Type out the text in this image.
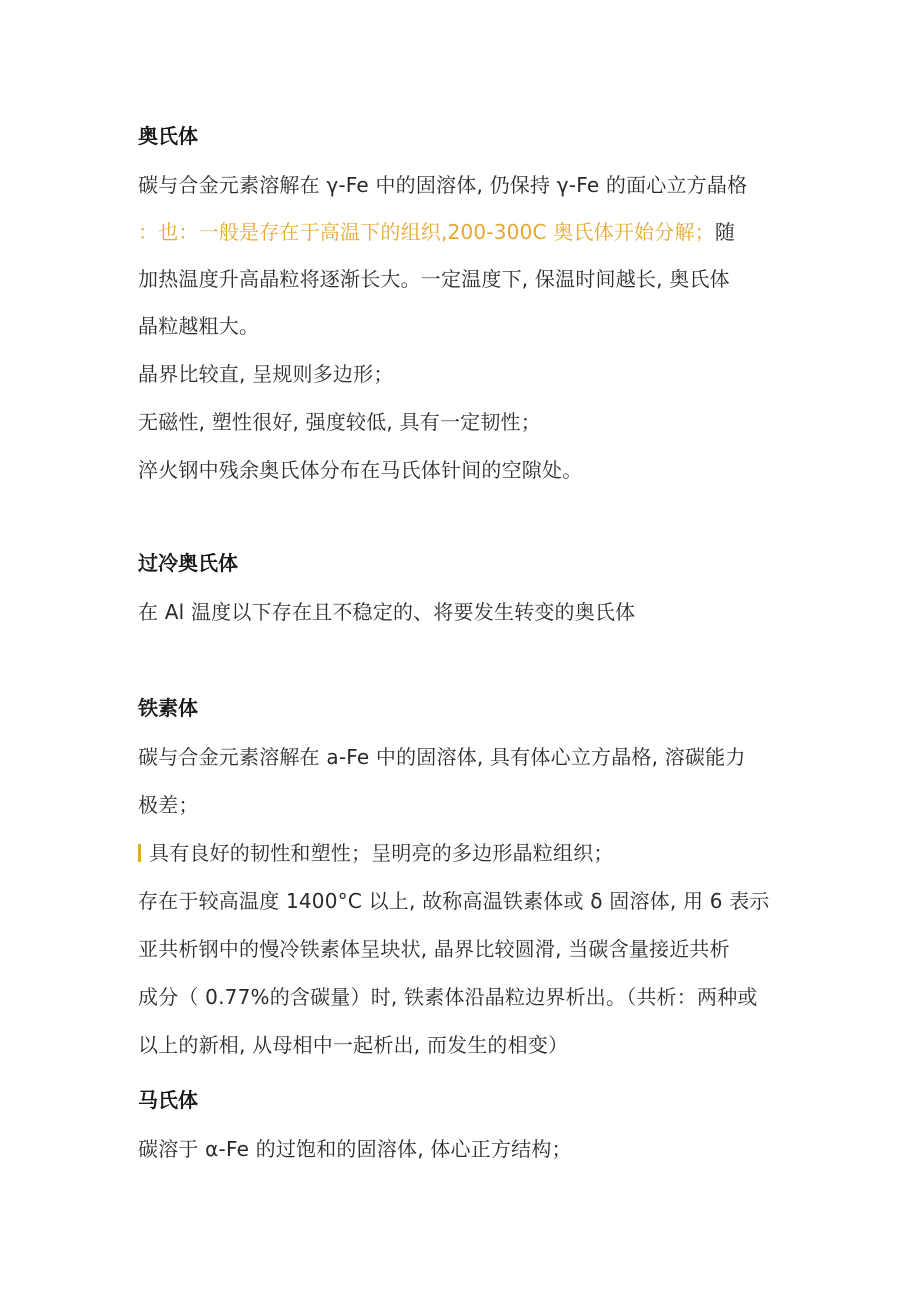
奥氏体
碳与合金元素溶解在 γ-Fe 中的固溶体, 仍保持 γ-Fe 的面心立方晶格
：也：一般是存在于高温下的组织,200-300C 奥氏体开始分解；随
加热温度升高晶粒将逐渐长大。一定温度下, 保温时间越长, 奥氏体
晶粒越粗大。
晶界比较直, 呈规则多边形；
无磁性, 塑性很好, 强度较低, 具有一定韧性；
淬火钢中残余奥氏体分布在马氏体针间的空隙处。
过冷奥氏体
在 Al 温度以下存在且不稳定的、将要发生转变的奥氏体
铁素体
碳与合金元素溶解在 a-Fe 中的固溶体, 具有体心立方晶格, 溶碳能力
极差；
具有良好的韧性和塑性；呈明亮的多边形晶粒组织；
存在于较高温度 1400°C 以上, 故称高温铁素体或 δ 固溶体, 用 6 表示
亚共析钢中的慢冷铁素体呈块状, 晶界比较圆滑, 当碳含量接近共析
成分（ 0.77%的含碳量）时, 铁素体沿晶粒边界析出。（共析：两种或
以上的新相, 从母相中一起析出, 而发生的相变）
马氏体
碳溶于 α-Fe 的过饱和的固溶体, 体心正方结构；
